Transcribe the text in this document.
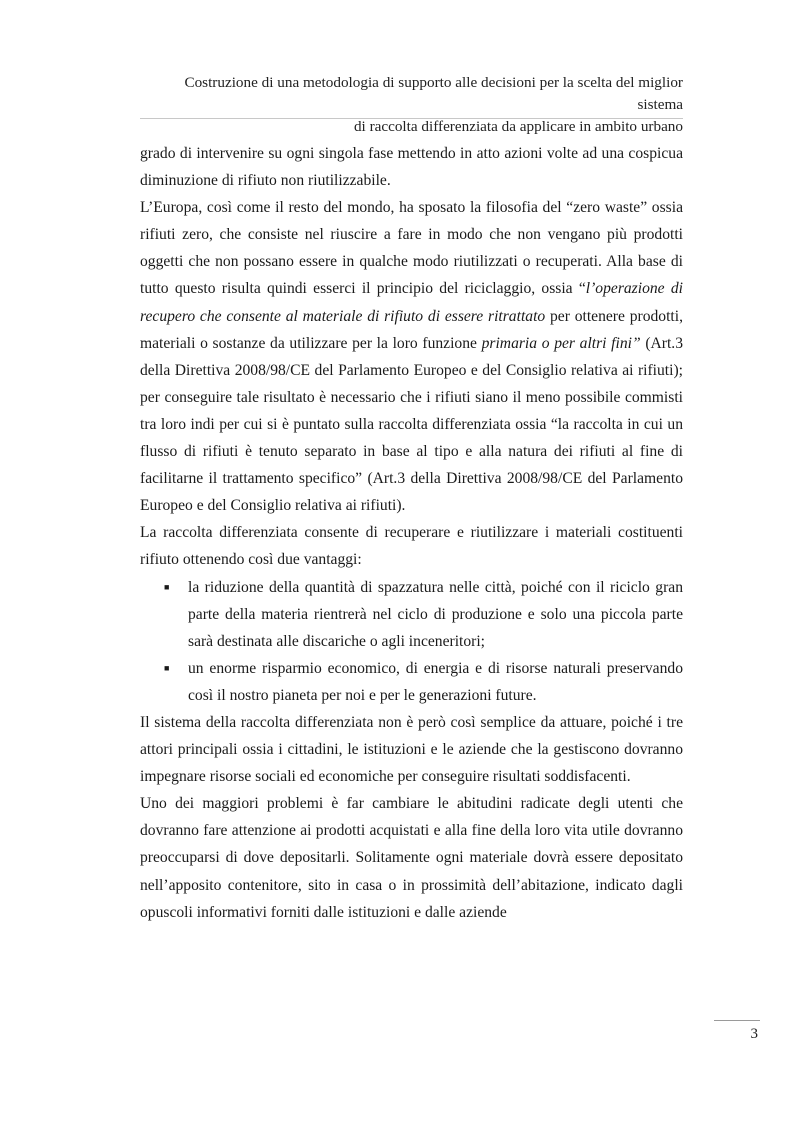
Costruzione di una metodologia di supporto alle decisioni per la scelta del miglior sistema
di raccolta differenziata da applicare in ambito urbano

grado di intervenire su ogni singola fase mettendo in atto azioni volte ad una cospicua diminuzione di rifiuto non riutilizzabile.

L’Europa, così come il resto del mondo, ha sposato la filosofia del “zero waste” ossia rifiuti zero, che consiste nel riuscire a fare in modo che non vengano più prodotti oggetti che non possano essere in qualche modo riutilizzati o recuperati. Alla base di tutto questo risulta quindi esserci il principio del riciclaggio, ossia “l’operazione di recupero che consente al materiale di rifiuto di essere ritrattato per ottenere prodotti, materiali o sostanze da utilizzare per la loro funzione primaria o per altri fini” (Art.3 della Direttiva 2008/98/CE del Parlamento Europeo e del Consiglio relativa ai rifiuti); per conseguire tale risultato è necessario che i rifiuti siano il meno possibile commisti tra loro indi per cui si è puntato sulla raccolta differenziata ossia “la raccolta in cui un flusso di rifiuti è tenuto separato in base al tipo e alla natura dei rifiuti al fine di facilitarne il trattamento specifico” (Art.3 della Direttiva 2008/98/CE del Parlamento Europeo e del Consiglio relativa ai rifiuti).

La raccolta differenziata consente di recuperare e riutilizzare i materiali costituenti rifiuto ottenendo così due vantaggi:

■ la riduzione della quantità di spazzatura nelle città, poiché con il riciclo gran parte della materia rientrerà nel ciclo di produzione e solo una piccola parte sarà destinata alle discariche o agli inceneritori;
■ un enorme risparmio economico, di energia e di risorse naturali preservando così il nostro pianeta per noi e per le generazioni future.

Il sistema della raccolta differenziata non è però così semplice da attuare, poiché i tre attori principali ossia i cittadini, le istituzioni e le aziende che la gestiscono dovranno impegnare risorse sociali ed economiche per conseguire risultati soddisfacenti.

Uno dei maggiori problemi è far cambiare le abitudini radicate degli utenti che dovranno fare attenzione ai prodotti acquistati e alla fine della loro vita utile dovranno preoccuparsi di dove depositarli. Solitamente ogni materiale dovrà essere depositato nell’apposito contenitore, sito in casa o in prossimità dell’abitazione, indicato dagli opuscoli informativi forniti dalle istituzioni e dalle aziende

3
